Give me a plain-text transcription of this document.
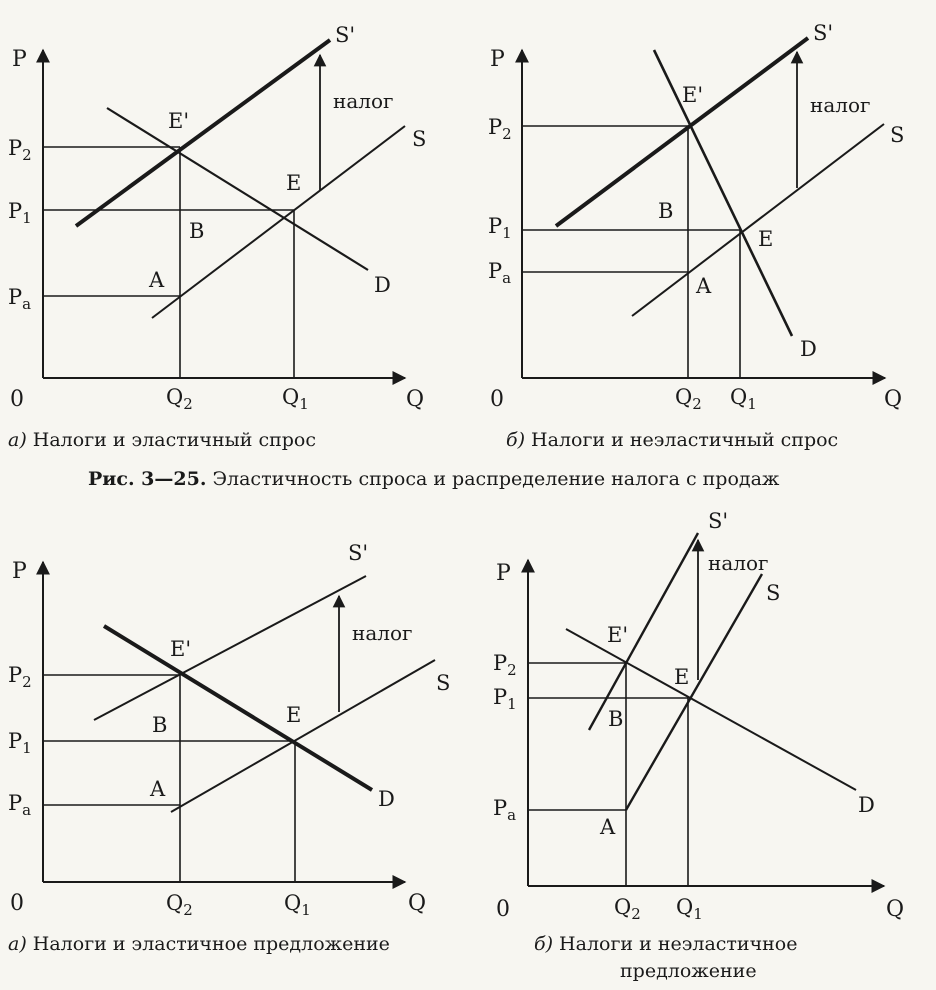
P
Q
0
E'
E
B
A
S'
S
D
налог
$P_2$
$P_1$
$P_a$
$Q_2$	$Q_1$
а) Налоги и эластичный спрос
P
Q
0
E'
E
B
A
S'
S
D
налог
$P_2$
$P_1$
$P_a$
$Q_2$ $Q_1$
б) Налоги и неэластичный спрос
Рис. 3—25. Эластичность спроса и распределение налога с продаж
P
Q
0
E'
E
B
A
S'
S
D
налог
$P_2$
$P_1$
$P_a$
$Q_2$	$Q_1$
а) Налоги и эластичное предложение
P
Q
0
E'
E
B
A
S'
S
D
налог
$P_2$
$P_1$
$P_a$
$Q_2$ $Q_1$
б) Налоги и неэластичное
предложение
